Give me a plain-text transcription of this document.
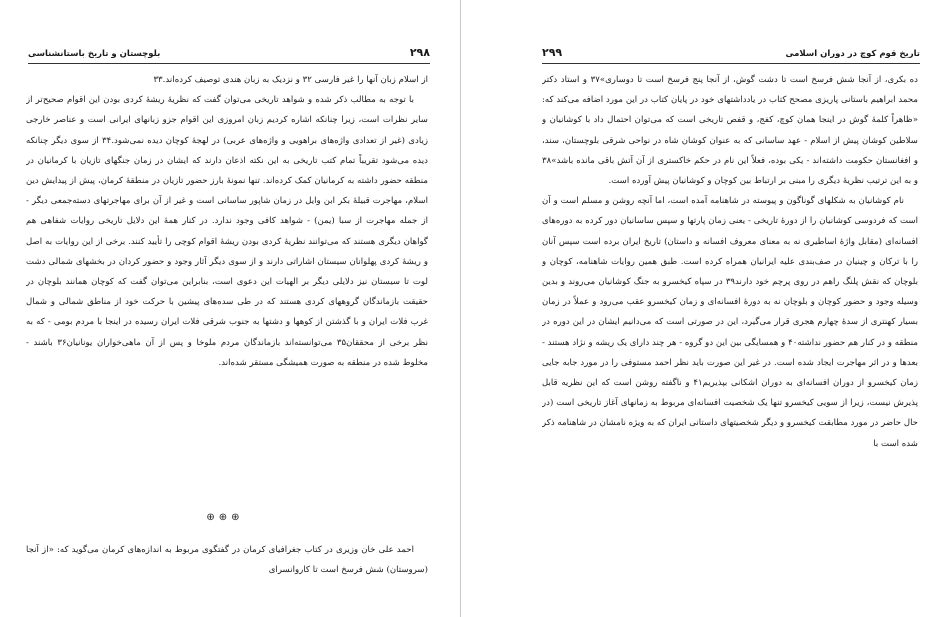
۲۹۸
بلوچستان و تاریخ باستانشناسی

از اسلام زبان آنها را غیر فارسی ۳۲ و نزدیک به زبان هندی توصیف کرده‌اند.۳۳

با توجه به مطالب ذکر شده و شواهد تاریخی می‌توان گفت که نظریهٔ ریشهٔ کردی بودن این اقوام صحیح‌تر از سایر نظرات است، زیرا چنانکه اشاره کردیم زبان امروزی این اقوام جزو زبانهای ایرانی است و عناصر خارجی زیادی (غیر از تعدادی واژه‌های براهویی و واژه‌های عربی) در لهجهٔ کوچان دیده نمی‌شود.۳۴ از سوی دیگر چنانکه دیده می‌شود تقریباً تمام کتب تاریخی به این نکته اذعان دارند که ایشان در زمان جنگهای تازیان با کرمانیان در منطقه حضور داشته به کرمانیان کمک کرده‌اند. تنها نمونهٔ بارز حضور تازیان در منطقهٔ کرمان، پیش از پیدایش دین اسلام، مهاجرت قبیلهٔ بکر ابن وایل در زمان شاپور ساسانی است و غیر از آن برای مهاجرتهای دسته‌جمعی دیگر - از جمله مهاجرت از سبا (یمن) - شواهد کافی وجود ندارد. در کنار همهٔ این دلایل تاریخی روایات شفاهی هم گواهان دیگری هستند که می‌توانند نظریهٔ کردی بودن ریشهٔ اقوام کوچی را تأیید کنند. برخی از این روایات به اصل و ریشهٔ کردی پهلوانان سیستان اشاراتی دارند و از سوی دیگر آثار وجود و حضور کردان در بخشهای شمالی دشت لوت تا سیستان نیز دلایلی دیگر بر الهیات این دعوی است، بنابراین می‌توان گفت که کوچان همانند بلوچان در حقیقت بازماندگان گروههای کردی هستند که در طی سده‌های پیشین با حرکت خود از مناطق شمالی و شمال غرب فلات ایران و با گذشتن از کوهها و دشتها به جنوب شرقی فلات ایران رسیده در اینجا با مردم بومی - که به نظر برخی از محققان۳۵ می‌توانسته‌اند بازماندگان مردم ملوخا و پس از آن ماهی‌خواران یونانیان۳۶ باشند - مخلوط شده در منطقه به صورت همیشگی مستقر شده‌اند.

⊕⊕⊕

احمد علی خان وزیری در کتاب جغرافیای کرمان در گفتگوی مربوط به اندازه‌های کرمان می‌گوید که: «از آنجا (سروستان) شش فرسخ است تا کاروانسرای

تاریخ قوم کوچ در دوران اسلامی
۲۹۹

ده بکری، از آنجا شش فرسخ است تا دشت گوش، از آنجا پنج فرسخ است تا دوساری»۳۷ و استاد دکتر محمد ابراهیم باستانی پاریزی مصحح کتاب در یادداشتهای خود در پایان کتاب در این مورد اضافه می‌کند که: «ظاهراً کلمهٔ گوش در اینجا همان کوچ، کفج، و قفص تاریخی است که می‌توان احتمال داد با کوشانیان و سلاطین کوشان پیش از اسلام - عهد ساسانی که به عنوان کوشان شاه در نواحی شرقی بلوچستان، سند، و افغانستان حکومت داشته‌اند - یکی بوده، فعلاً این نام در حکم خاکستری از آن آتش باقی مانده باشد»۳۸ و به این ترتیب نظریهٔ دیگری را مبنی بر ارتباط بین کوچان و کوشانیان پیش آورده است.

نام کوشانیان به شکلهای گوناگون و پیوسته در شاهنامه آمده است، اما آنچه روشن و مسلم است و آن است که فردوسی کوشانیان را از دورهٔ تاریخی - یعنی زمان پارتها و سپس ساسانیان دور کرده به دوره‌های افسانه‌ای (مقابل واژهٔ اساطیری نه به معنای معروف افسانه و داستان) تاریخ ایران برده است سپس آنان را با ترکان و چینیان در صف‌بندی علیه ایرانیان همراه کرده است. طبق همین روایات شاهنامه، کوچان و بلوچان که نقش پلنگ راهم در روی پرچم خود دارند۳۹ در سپاه کیخسرو به جنگ کوشانیان می‌روند و بدین وسیله وجود و حضور کوچان و بلوچان نه به دورهٔ افسانه‌ای و زمان کیخسرو عقب می‌رود و عملاً در زمان بسیار کهنتری از سدهٔ چهارم هجری قرار می‌گیرد، این در صورتی است که می‌دانیم ایشان در این دوره در منطقه و در کنار هم حضور نداشته۴۰ و همسایگی بین این دو گروه - هر چند دارای یک ریشه و نژاد هستند - بعدها و در اثر مهاجرت ایجاد شده است. در غیر این صورت باید نظر احمد مستوفی را در مورد جابه جایی زمان کیخسرو از دوران افسانه‌ای به دوران اشکانی بپذیریم۴۱ و ناگفته روشن است که این نظریه قابل پذیرش نیست، زیرا از سویی کیخسرو تنها یک شخصیت افسانه‌ای مربوط به زمانهای آغاز تاریخی است (در حال حاضر در مورد مطابقت کیخسرو و دیگر شخصیتهای داستانی ایران که به ویژه نامشان در شاهنامه ذکر شده است با
